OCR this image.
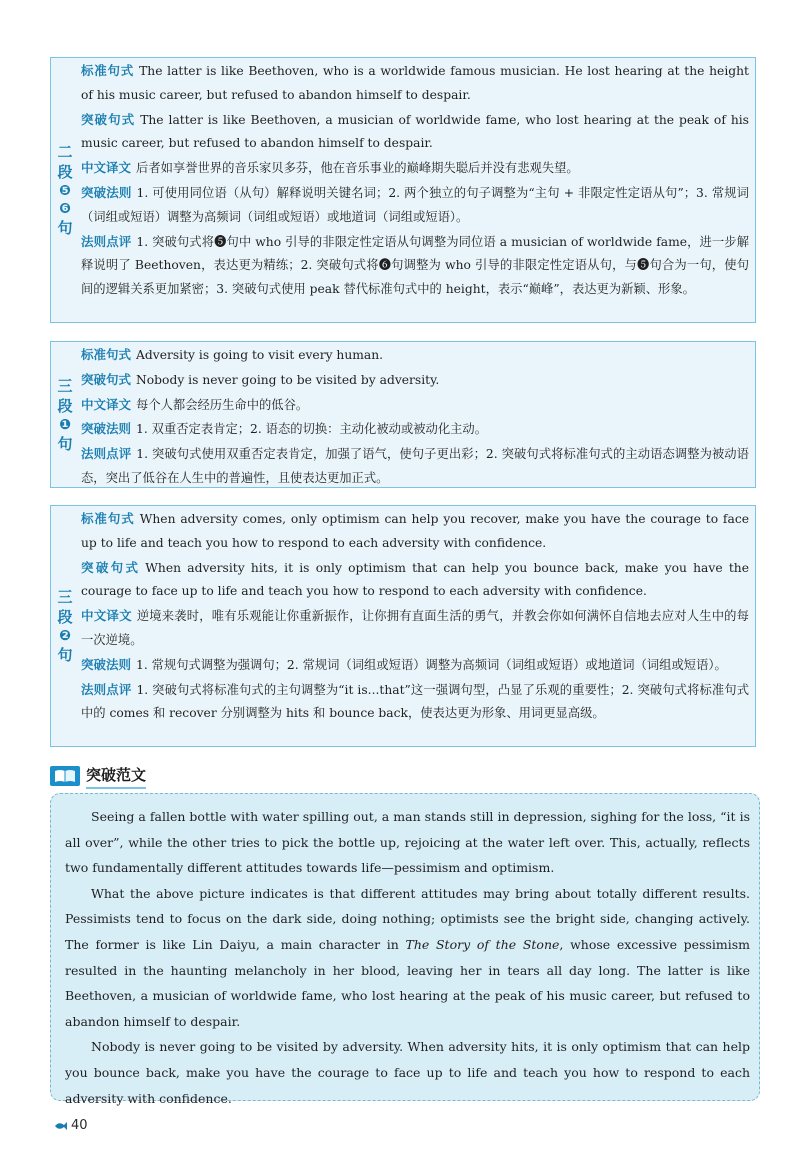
二
段
❺
❻
句
标准句式 The latter is like Beethoven, who is a worldwide famous musician. He lost hearing at the height of his music career, but refused to abandon himself to despair.
突破句式 The latter is like Beethoven, a musician of worldwide fame, who lost hearing at the peak of his music career, but refused to abandon himself to despair.
中文译文 后者如享誉世界的音乐家贝多芬，他在音乐事业的巅峰期失聪后并没有悲观失望。
突破法则 1. 可使用同位语（从句）解释说明关键名词；2. 两个独立的句子调整为“主句 + 非限定性定语从句”；3. 常规词（词组或短语）调整为高频词（词组或短语）或地道词（词组或短语）。
法则点评 1. 突破句式将❺句中 who 引导的非限定性定语从句调整为同位语 a musician of worldwide fame，进一步解释说明了 Beethoven，表达更为精练；2. 突破句式将❻句调整为 who 引导的非限定性定语从句，与❺句合为一句，使句间的逻辑关系更加紧密；3. 突破句式使用 peak 替代标准句式中的 height，表示“巅峰”，表达更为新颖、形象。
三
段
❶
句
标准句式 Adversity is going to visit every human.
突破句式 Nobody is never going to be visited by adversity.
中文译文 每个人都会经历生命中的低谷。
突破法则 1. 双重否定表肯定；2. 语态的切换：主动化被动或被动化主动。
法则点评 1. 突破句式使用双重否定表肯定，加强了语气，使句子更出彩；2. 突破句式将标准句式的主动语态调整为被动语态，突出了低谷在人生中的普遍性，且使表达更加正式。
三
段
❷
句
标准句式 When adversity comes, only optimism can help you recover, make you have the courage to face up to life and teach you how to respond to each adversity with confidence.
突破句式 When adversity hits, it is only optimism that can help you bounce back, make you have the courage to face up to life and teach you how to respond to each adversity with confidence.
中文译文 逆境来袭时，唯有乐观能让你重新振作，让你拥有直面生活的勇气，并教会你如何满怀自信地去应对人生中的每一次逆境。
突破法则 1. 常规句式调整为强调句；2. 常规词（词组或短语）调整为高频词（词组或短语）或地道词（词组或短语）。
法则点评 1. 突破句式将标准句式的主句调整为“it is...that”这一强调句型，凸显了乐观的重要性；2. 突破句式将标准句式中的 comes 和 recover 分别调整为 hits 和 bounce back，使表达更为形象、用词更显高级。
突破范文

Seeing a fallen bottle with water spilling out, a man stands still in depression, sighing for the loss, “it is all over”, while the other tries to pick the bottle up, rejoicing at the water left over. This, actually, reflects two fundamentally different attitudes towards life—pessimism and optimism.

What the above picture indicates is that different attitudes may bring about totally different results. Pessimists tend to focus on the dark side, doing nothing; optimists see the bright side, changing actively. The former is like Lin Daiyu, a main character in The Story of the Stone, whose excessive pessimism resulted in the haunting melancholy in her blood, leaving her in tears all day long. The latter is like Beethoven, a musician of worldwide fame, who lost hearing at the peak of his music career, but refused to abandon himself to despair.

Nobody is never going to be visited by adversity. When adversity hits, it is only optimism that can help you bounce back, make you have the courage to face up to life and teach you how to respond to each adversity with confidence.

40
